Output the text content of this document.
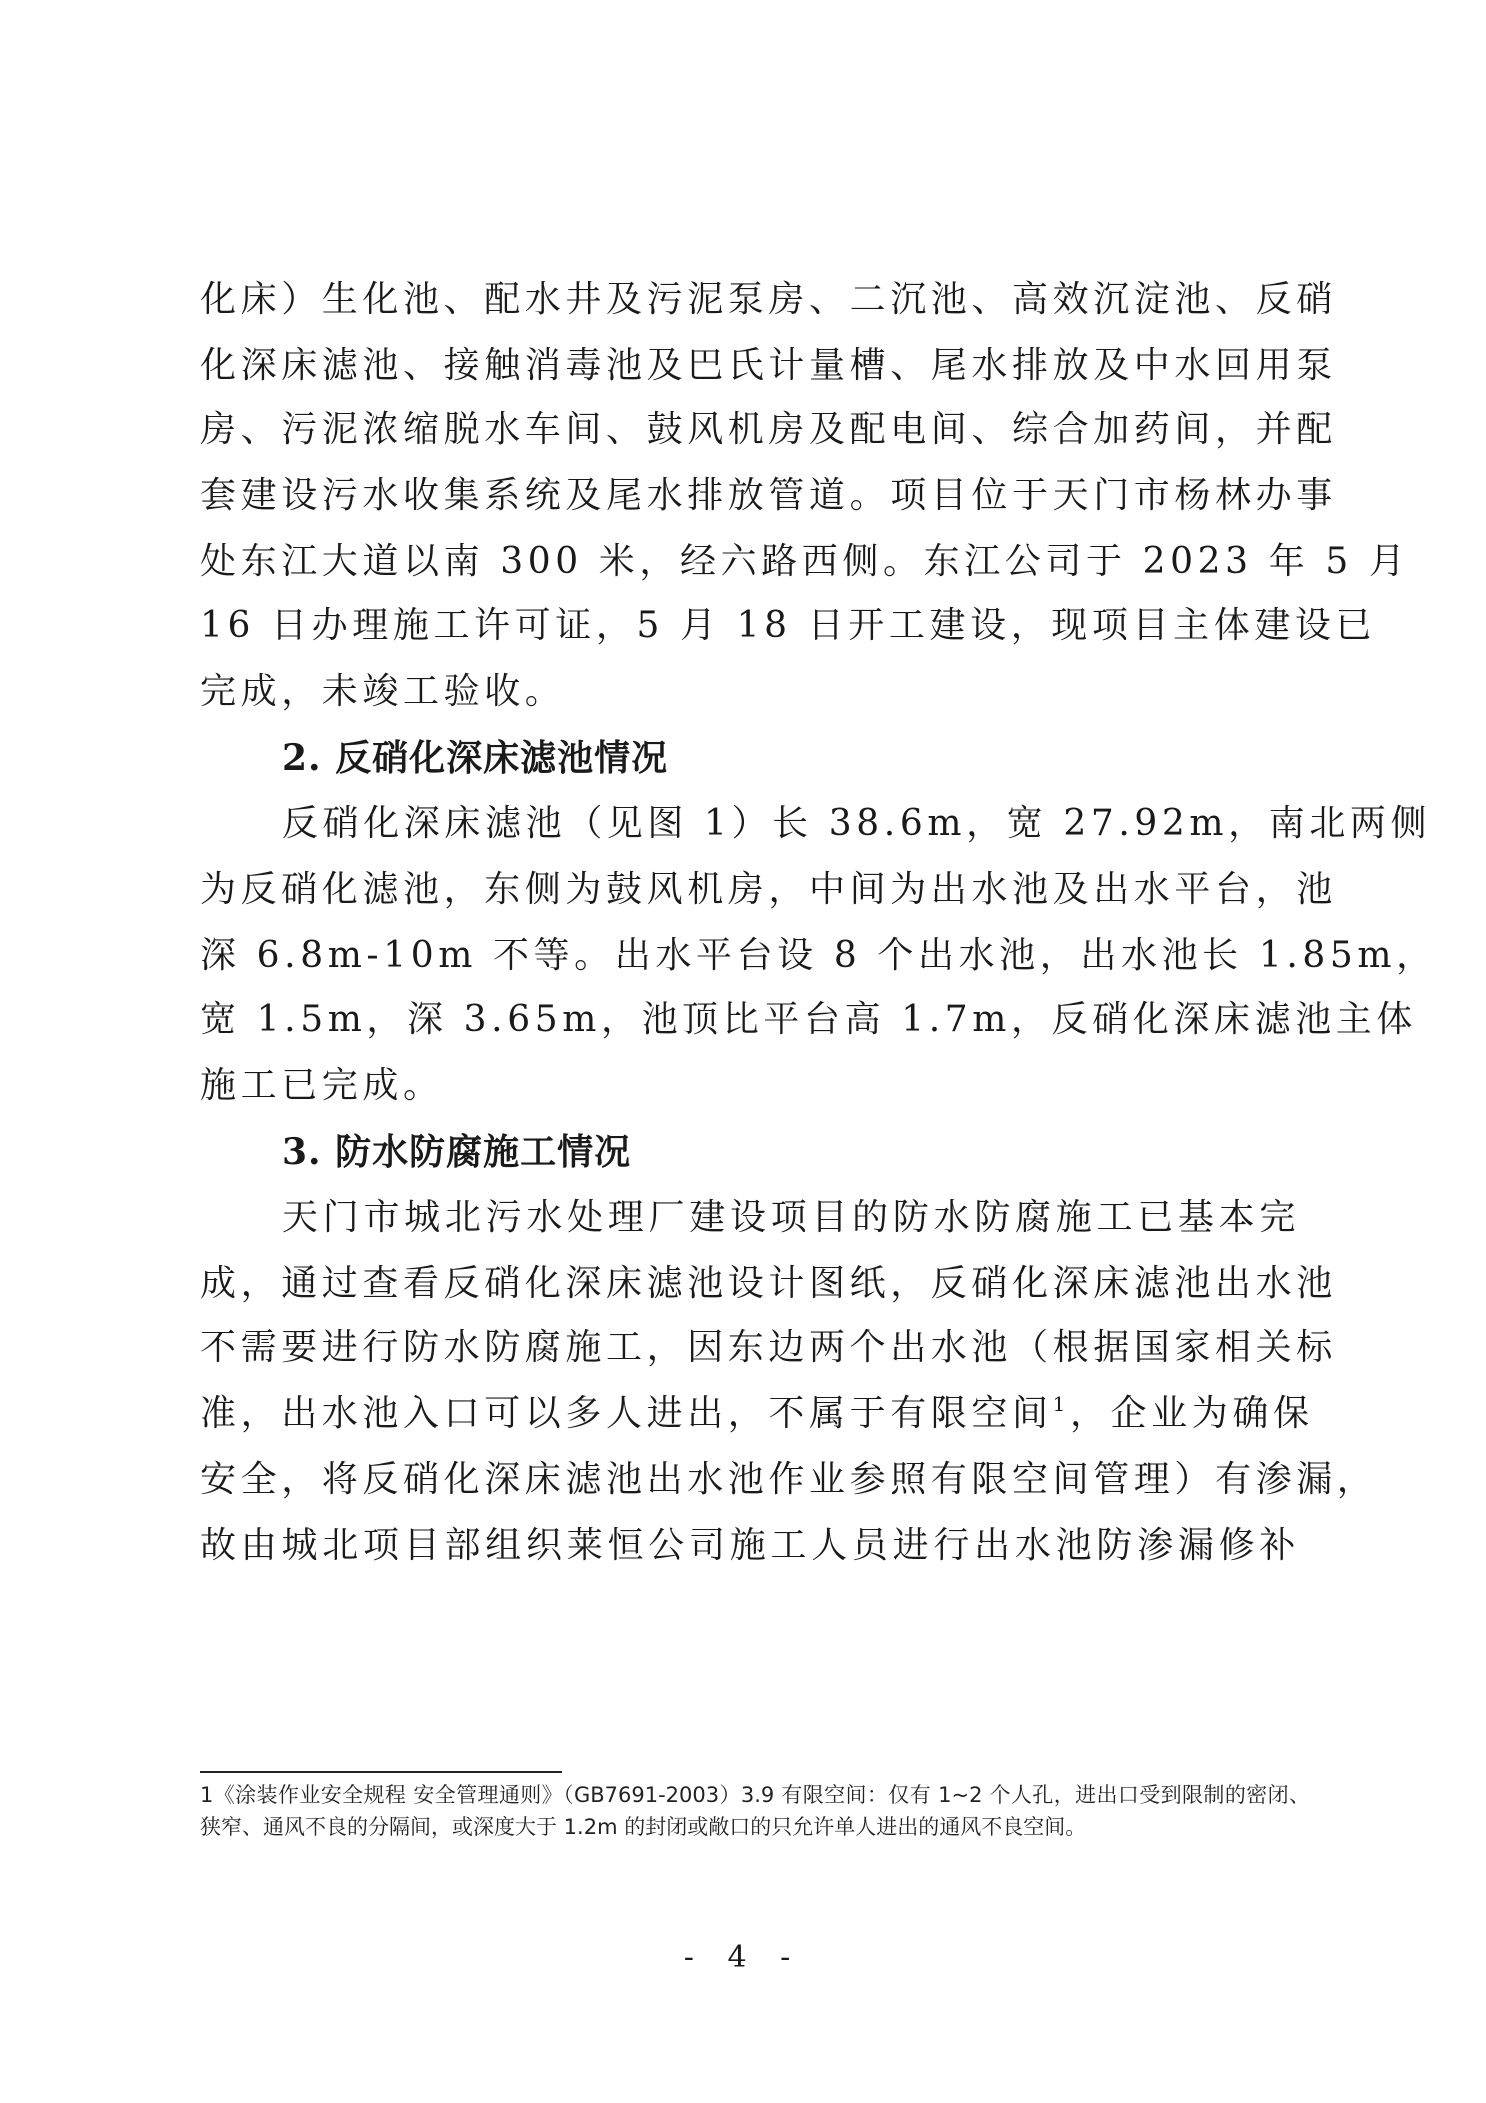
化床）生化池、配水井及污泥泵房、二沉池、高效沉淀池、反硝
化深床滤池、接触消毒池及巴氏计量槽、尾水排放及中水回用泵
房、污泥浓缩脱水车间、鼓风机房及配电间、综合加药间，并配
套建设污水收集系统及尾水排放管道。项目位于天门市杨林办事
处东江大道以南 300 米，经六路西侧。东江公司于 2023 年 5 月
16 日办理施工许可证，5 月 18 日开工建设，现项目主体建设已
完成，未竣工验收。
2. 反硝化深床滤池情况
反硝化深床滤池（见图 1）长 38.6m，宽 27.92m，南北两侧
为反硝化滤池，东侧为鼓风机房，中间为出水池及出水平台，池
深 6.8m-10m 不等。出水平台设 8 个出水池，出水池长 1.85m，
宽 1.5m，深 3.65m，池顶比平台高 1.7m，反硝化深床滤池主体
施工已完成。
3. 防水防腐施工情况
天门市城北污水处理厂建设项目的防水防腐施工已基本完
成，通过查看反硝化深床滤池设计图纸，反硝化深床滤池出水池
不需要进行防水防腐施工，因东边两个出水池（根据国家相关标
准，出水池入口可以多人进出，不属于有限空间$^1$，企业为确保
安全，将反硝化深床滤池出水池作业参照有限空间管理）有渗漏，
故由城北项目部组织莱恒公司施工人员进行出水池防渗漏修补
1《涂装作业安全规程 安全管理通则》（GB7691-2003）3.9 有限空间：仅有 1~2 个人孔，进出口受到限制的密闭、
狭窄、通风不良的分隔间，或深度大于 1.2m 的封闭或敞口的只允许单人进出的通风不良空间。
- 4 -
